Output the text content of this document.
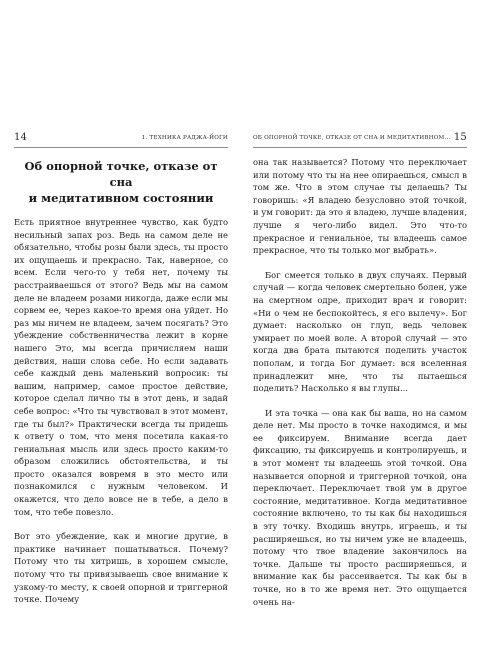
14	1. ТЕХНИКА РАДЖА-ЙОГИ
Об опорной точке, отказе от сна
и медитативном состоянии

Есть приятное внутреннее чувство, как будто несильный запах роз. Ведь на самом деле не обязательно, чтобы розы были здесь, ты просто их ощущаешь и прекрасно. Так, наверное, со всем. Если чего-то у тебя нет, почему ты расстраиваешься от этого? Ведь мы на самом деле не владеем розами никогда, даже если мы сорвем ее, через какое-то время она уйдет. Но раз мы ничем не владеем, зачем посягать? Это убеждение собственничества лежит в корне нашего Это, мы всегда причисляем наши действия, наши слова себе. Но если задавать себе каждый день маленький вопросик: ты вашим, например, самое простое действие, которое сделал лично ты в этот день, и задай себе вопрос: «Что ты чувствовал в этот момент, где ты был?» Практически всегда ты придешь к ответу о том, что меня посетила какая-то гениальная мысль или здесь просто каким-то образом сложились обстоятельства, и ты просто оказался вовремя в это место или познакомился с нужным человеком. И окажется, что дело вовсе не в тебе, а дело в том, что тебе повезло.

Вот это убеждение, как и многие другие, в практике начинает пошатываться. Почему? Потому что ты хитришь, в хорошем смысле, потому что ты привязываешь свое внимание к узкому-то месту, к своей опорной и триггерной точке. Почему

ОБ ОПОРНОЙ ТОЧКЕ, ОТКАЗЕ ОТ СНА И МЕДИТАТИВНОМ... 15

она так называется? Потому что переключает или потому что ты на нее опираешься, смысл в том же. Что в этом случае ты делаешь? Ты говоришь: «Я владею безусловно этой точкой, и ум говорит: да это я владею, лучше владения, лучше я чего-либо видел. Это что-то прекрасное и гениальное, ты владеешь самое прекрасное, что ты только мог выбрать».

Бог смеется только в двух случаях. Первый случай — когда человек смертельно болен, уже на смертном одре, приходит врач и говорит: «Ни о чем не беспокойтесь, я его вылечу». Бог думает: насколько он глуп, ведь человек умирает по моей воле. А второй случай — это когда два брата пытаются поделить участок пополам, и тогда Бог думает: вся вселенная принадлежит мне, что ты пытаешься поделить? Насколько я вы глупы...

И эта точка — она как бы ваша, но на самом деле нет. Мы просто в точке находимся, и мы ее фиксируем. Внимание всегда дает фиксацию, ты фиксируешь и контролируешь, и в этот момент ты владеешь этой точкой. Она называется опорной и триггерной точкой, она переключает. Переключает твой ум в другое состояние, медитативное. Когда медитативное состояние включено, то ты как бы находишься в эту точку. Входишь внутрь, играешь, и ты расширяешься, но ты ничем уже не владеешь, потому что твое владение закончилось на точке. Дальше ты просто расширяешься, и внимание как бы рассеивается. Ты как бы в точке, но в то же время нет. Это ощущается очень на-
